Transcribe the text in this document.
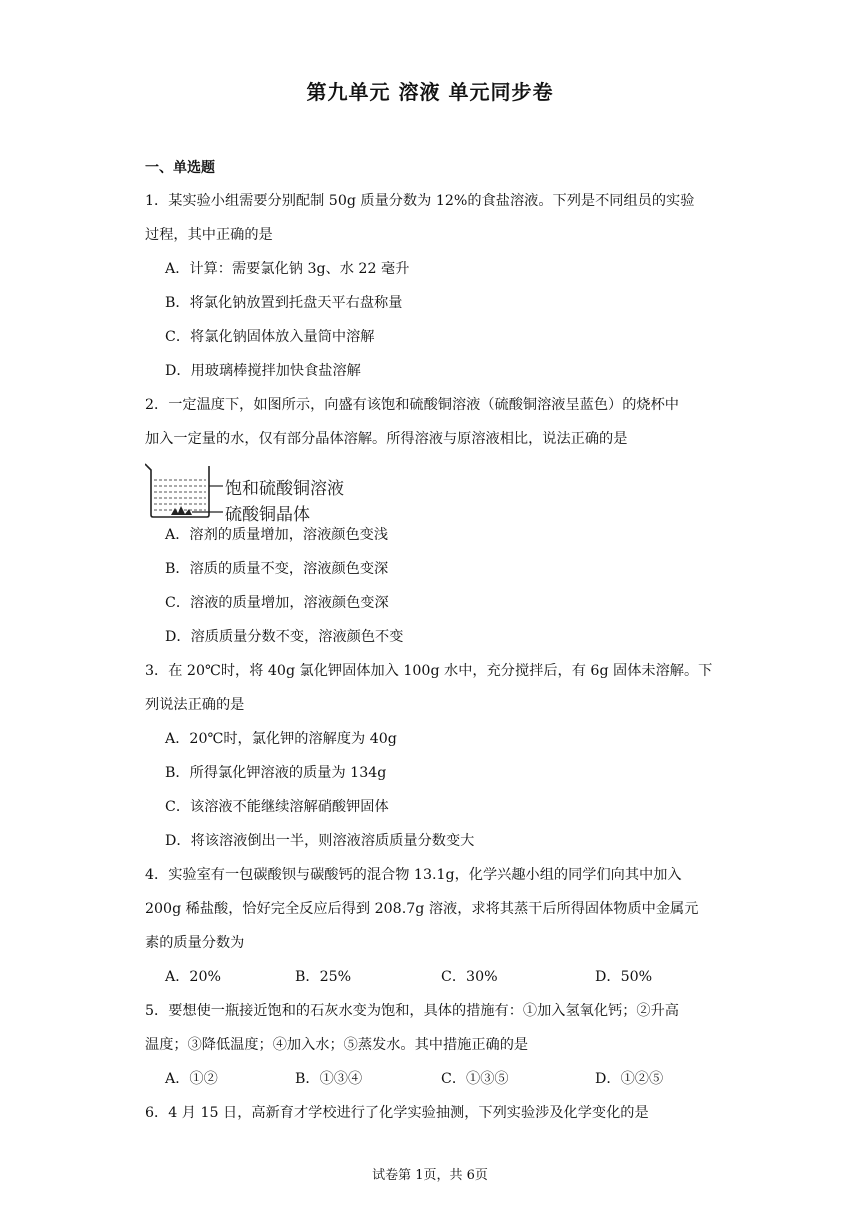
第九单元 溶液 单元同步卷
一、单选题
1．某实验小组需要分别配制 50g 质量分数为 12%的食盐溶液。下列是不同组员的实验
过程，其中正确的是
A．计算：需要氯化钠 3g、水 22 毫升
B．将氯化钠放置到托盘天平右盘称量
C．将氯化钠固体放入量筒中溶解
D．用玻璃棒搅拌加快食盐溶解
2．一定温度下，如图所示，向盛有该饱和硫酸铜溶液（硫酸铜溶液呈蓝色）的烧杯中
加入一定量的水，仅有部分晶体溶解。所得溶液与原溶液相比，说法正确的是
饱和硫酸铜溶液
硫酸铜晶体
A．溶剂的质量增加，溶液颜色变浅
B．溶质的质量不变，溶液颜色变深
C．溶液的质量增加，溶液颜色变深
D．溶质质量分数不变，溶液颜色不变
3．在 20℃时，将 40g 氯化钾固体加入 100g 水中，充分搅拌后，有 6g 固体未溶解。下
列说法正确的是
A．20℃时，氯化钾的溶解度为 40g
B．所得氯化钾溶液的质量为 134g
C．该溶液不能继续溶解硝酸钾固体
D．将该溶液倒出一半，则溶液溶质质量分数变大
4．实验室有一包碳酸钡与碳酸钙的混合物 13.1g，化学兴趣小组的同学们向其中加入
200g 稀盐酸，恰好完全反应后得到 208.7g 溶液，求将其蒸干后所得固体物质中金属元
素的质量分数为
A．20%	B．25%	C．30%	D．50%
5．要想使一瓶接近饱和的石灰水变为饱和，具体的措施有：①加入氢氧化钙；②升高
温度；③降低温度；④加入水；⑤蒸发水。其中措施正确的是
A．①②	B．①③④	C．①③⑤	D．①②⑤
6．4 月 15 日，高新育才学校进行了化学实验抽测，下列实验涉及化学变化的是
试卷第 1页，共 6页
